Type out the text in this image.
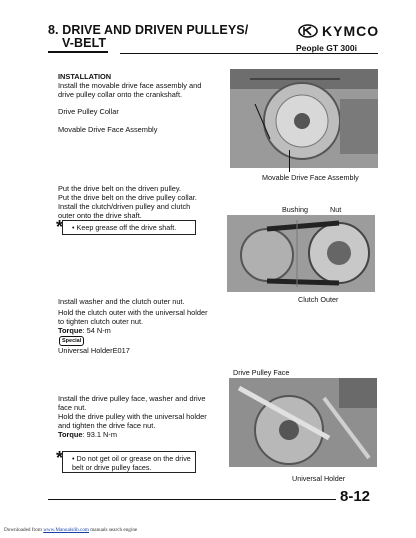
8. DRIVE AND DRIVEN PULLEYS/
V-BELT
KYMCO
People GT 300i
INSTALLATION
Install the movable drive face assembly and drive pulley collar onto the crankshaft.
Drive Pulley Collar
Movable Drive Face Assembly
Movable Drive Face Assembly
Put the drive belt on the driven pulley.
Put the drive belt on the drive pulley collar.
Install the clutch/driven pulley and clutch outer onto the drive shaft.
*	• Keep grease off the drive shaft.
Bushing	Nut
Clutch Outer
Install washer and the clutch outer nut.
Hold the clutch outer with the universal holder to tighten clutch outer nut.
Torque: 54 N-m
Special
Universal HolderE017
Drive Pulley Face
Install the drive pulley face, washer and drive face nut.
Hold the drive pulley with the universal holder and tighten the drive face nut.
Torque: 93.1 N-m
*	• Do not get oil or grease on the drive belt or drive pulley faces.
Universal Holder
8-12
Downloaded from www.Manualslib.com manuals search engine
